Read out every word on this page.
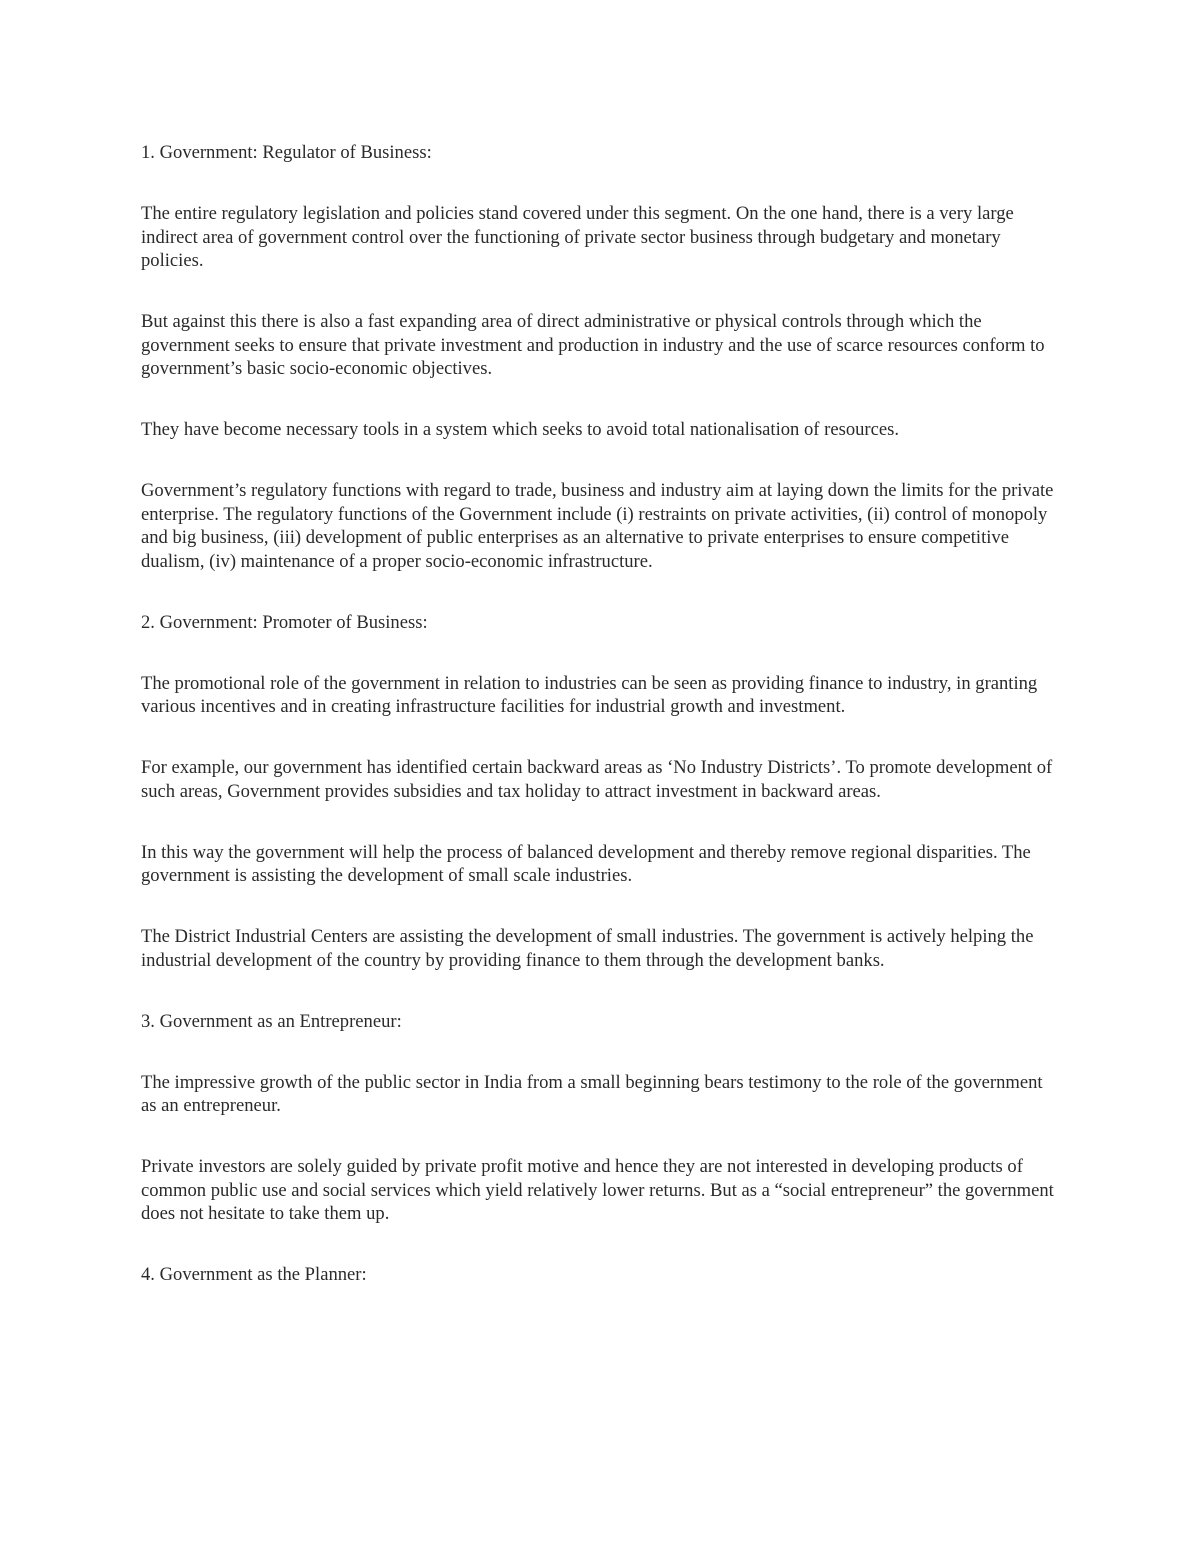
1. Government: Regulator of Business:

The entire regulatory legislation and policies stand covered under this segment. On the one hand, there is a very large indirect area of government control over the functioning of private sector business through budgetary and monetary policies.

But against this there is also a fast expanding area of direct administrative or physical controls through which the government seeks to ensure that private investment and production in industry and the use of scarce resources conform to government’s basic socio-economic objectives.

They have become necessary tools in a system which seeks to avoid total nationalisation of resources.

Government’s regulatory functions with regard to trade, business and industry aim at laying down the limits for the private enterprise. The regulatory functions of the Government include (i) restraints on private activities, (ii) control of monopoly and big business, (iii) development of public enterprises as an alternative to private enterprises to ensure competitive dualism, (iv) maintenance of a proper socio-economic infrastructure.

2. Government: Promoter of Business:

The promotional role of the government in relation to industries can be seen as providing finance to industry, in granting various incentives and in creating infrastructure facilities for industrial growth and investment.

For example, our government has identified certain backward areas as ‘No Industry Districts’. To promote development of such areas, Government provides subsidies and tax holiday to attract investment in backward areas.

In this way the government will help the process of balanced development and thereby remove regional disparities. The government is assisting the development of small scale industries.

The District Industrial Centers are assisting the development of small industries. The government is actively helping the industrial development of the country by providing finance to them through the development banks.

3. Government as an Entrepreneur:

The impressive growth of the public sector in India from a small beginning bears testimony to the role of the government as an entrepreneur.

Private investors are solely guided by private profit motive and hence they are not interested in developing products of common public use and social services which yield relatively lower returns. But as a “social entrepreneur” the government does not hesitate to take them up.

4. Government as the Planner:
